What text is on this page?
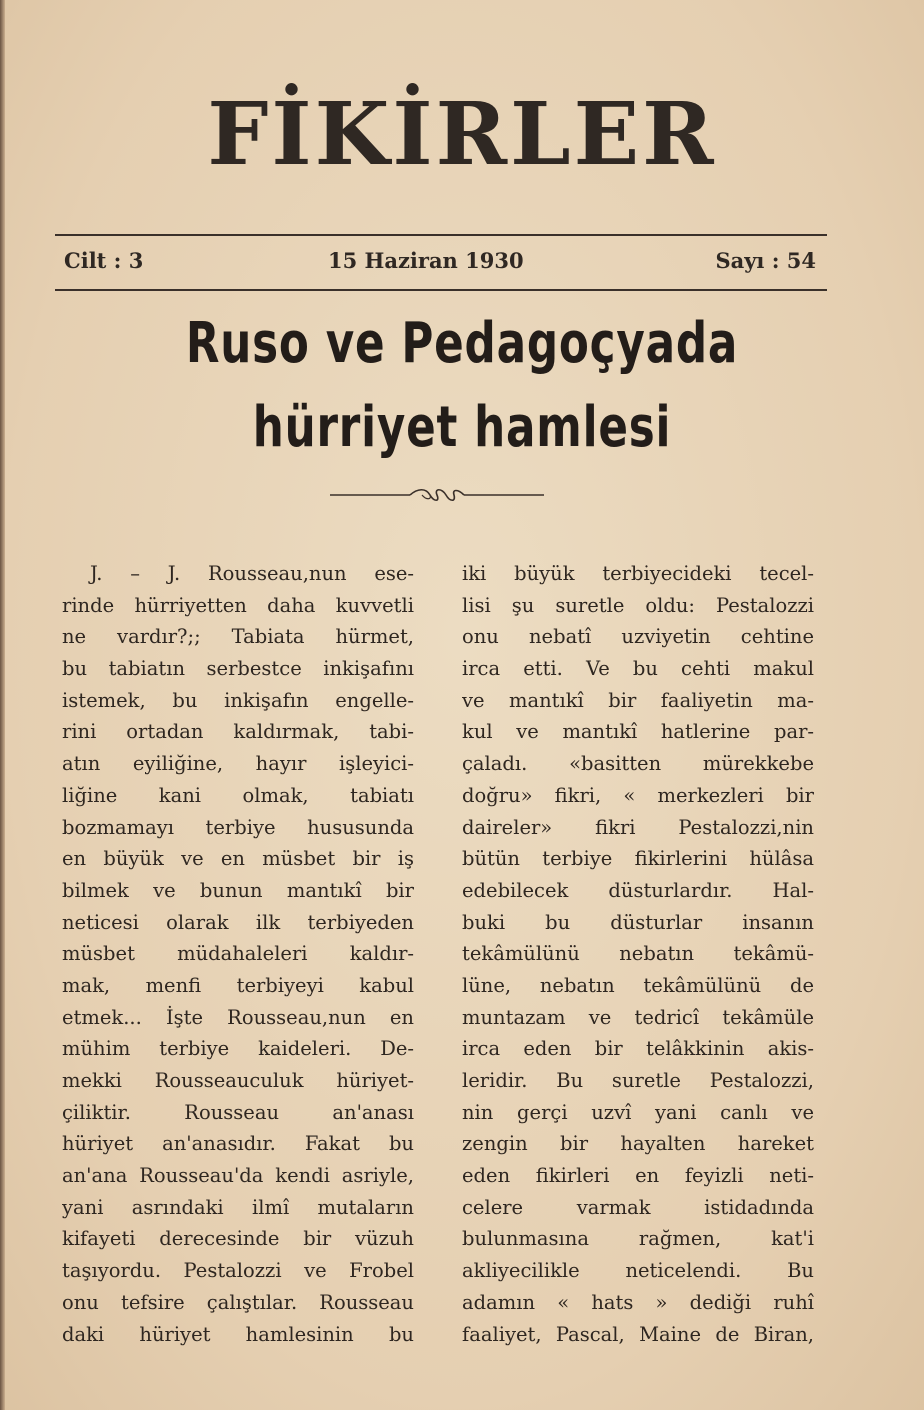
FİKİRLER
Cilt : 3	15 Haziran 1930	Sayı : 54
Ruso ve Pedagoçyada
hürriyet hamlesi
J. – J. Rousseau,nun ese-
rinde hürriyetten daha kuvvetli
ne vardır?;; Tabiata hürmet,
bu tabiatın serbestce inkişafını
istemek, bu inkişafın engelle-
rini ortadan kaldırmak, tabi-
atın eyiliğine, hayır işleyici-
liğine kani olmak, tabiatı
bozmamayı terbiye hususunda
en büyük ve en müsbet bir iş
bilmek ve bunun mantıkî bir
neticesi olarak ilk terbiyeden
müsbet müdahaleleri kaldır-
mak, menfi terbiyeyi kabul
etmek... İşte Rousseau,nun en
mühim terbiye kaideleri. De-
mekki Rousseauculuk hüriyet-
çiliktir. Rousseau an'anası
hüriyet an'anasıdır. Fakat bu
an'ana Rousseau'da kendi asriyle,
yani asrındaki ilmî mutaların
kifayeti derecesinde bir vüzuh
taşıyordu. Pestalozzi ve Frobel
onu tefsire çalıştılar. Rousseau
daki hüriyet hamlesinin bu
iki büyük terbiyecideki tecel-
lisi şu suretle oldu: Pestalozzi
onu nebatî uzviyetin cehtine
irca etti. Ve bu cehti makul
ve mantıkî bir faaliyetin ma-
kul ve mantıkî hatlerine par-
çaladı. «basitten mürekkebe
doğru» fikri, « merkezleri bir
daireler» fikri Pestalozzi,nin
bütün terbiye fikirlerini hülâsa
edebilecek düsturlardır. Hal-
buki bu düsturlar insanın
tekâmülünü nebatın tekâmü-
lüne, nebatın tekâmülünü de
muntazam ve tedricî tekâmüle
irca eden bir telâkkinin akis-
leridir. Bu suretle Pestalozzi,
nin gerçi uzvî yani canlı ve
zengin bir hayalten hareket
eden fikirleri en feyizli neti-
celere varmak istidadında
bulunmasına rağmen, kat'i
akliyecilikle neticelendi. Bu
adamın « hats » dediği ruhî
faaliyet, Pascal, Maine de Biran,
